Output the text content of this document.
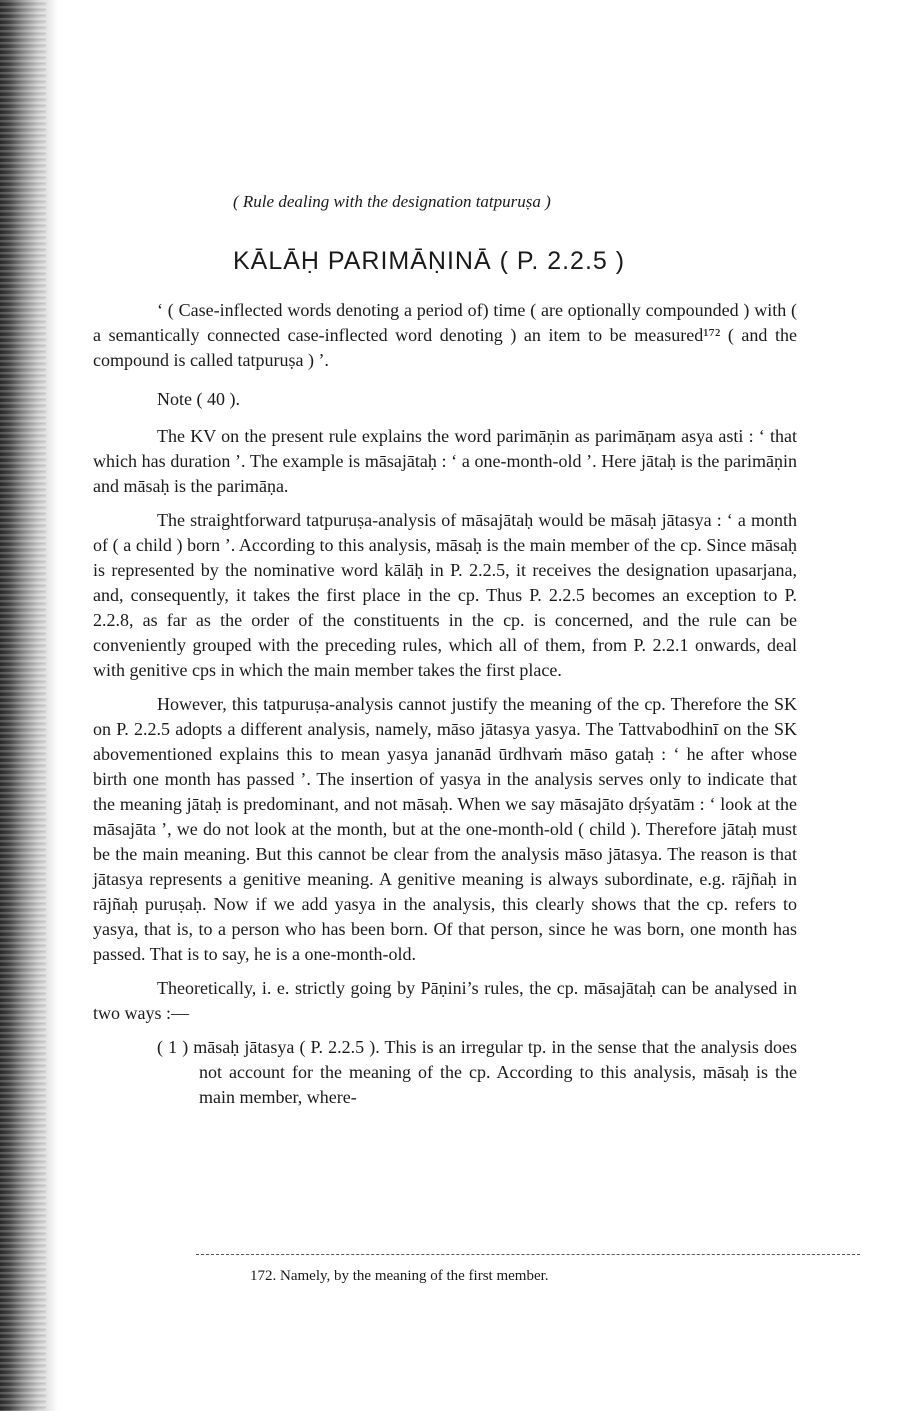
( Rule dealing with the designation tatpuruṣa )
KĀLĀḤ PARIMĀṆINĀ ( P. 2.2.5 )

‘ ( Case-inflected words denoting a period of) time ( are optionally compounded ) with ( a semantically connected case-inflected word denoting ) an item to be measured¹⁷² ( and the compound is called tatpuruṣa ) ’.

Note ( 40 ).

The KV on the present rule explains the word parimāṇin as parimāṇam asya asti : ‘ that which has duration ’. The example is māsajātaḥ : ‘ a one-month-old ’. Here jātaḥ is the parimāṇin and māsaḥ is the parimāṇa.

The straightforward tatpuruṣa-analysis of māsajātaḥ would be māsaḥ jātasya : ‘ a month of ( a child ) born ’. According to this analysis, māsaḥ is the main member of the cp. Since māsaḥ is represented by the nominative word kālāḥ in P. 2.2.5, it receives the designation upasarjana, and, consequently, it takes the first place in the cp. Thus P. 2.2.5 becomes an exception to P. 2.2.8, as far as the order of the constituents in the cp. is concerned, and the rule can be conveniently grouped with the preceding rules, which all of them, from P. 2.2.1 onwards, deal with genitive cps in which the main member takes the first place.

However, this tatpuruṣa-analysis cannot justify the meaning of the cp. Therefore the SK on P. 2.2.5 adopts a different analysis, namely, māso jātasya yasya. The Tattvabodhinī on the SK abovementioned explains this to mean yasya jananād ūrdhvaṁ māso gataḥ : ‘ he after whose birth one month has passed ’. The insertion of yasya in the analysis serves only to indicate that the meaning jātaḥ is predominant, and not māsaḥ. When we say māsajāto dṛśyatām : ‘ look at the māsajāta ’, we do not look at the month, but at the one-month-old ( child ). Therefore jātaḥ must be the main meaning. But this cannot be clear from the analysis māso jātasya. The reason is that jātasya represents a genitive meaning. A genitive meaning is always subordinate, e.g. rājñaḥ in rājñaḥ puruṣaḥ. Now if we add yasya in the analysis, this clearly shows that the cp. refers to yasya, that is, to a person who has been born. Of that person, since he was born, one month has passed. That is to say, he is a one-month-old.

Theoretically, i. e. strictly going by Pāṇini’s rules, the cp. māsajātaḥ can be analysed in two ways :—

( 1 ) māsaḥ jātasya ( P. 2.2.5 ). This is an irregular tp. in the sense that the analysis does not account for the meaning of the cp. According to this analysis, māsaḥ is the main member, where-

172. Namely, by the meaning of the first member.
